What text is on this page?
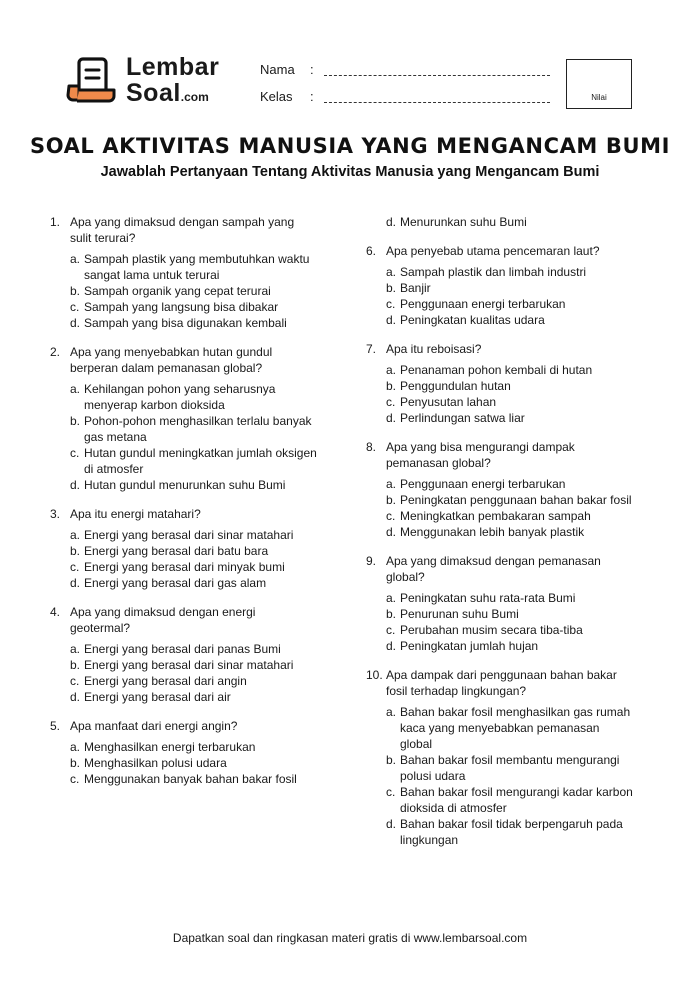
Lembar
Soal.com
Nama :
Kelas :	Nilai
SOAL AKTIVITAS MANUSIA YANG MENGANCAM BUMI
Jawablah Pertanyaan Tentang Aktivitas Manusia yang Mengancam Bumi
1. Apa yang dimaksud dengan sampah yang sulit terurai?
a. Sampah plastik yang membutuhkan waktu sangat lama untuk terurai
b. Sampah organik yang cepat terurai
c. Sampah yang langsung bisa dibakar
d. Sampah yang bisa digunakan kembali
2. Apa yang menyebabkan hutan gundul berperan dalam pemanasan global?
a. Kehilangan pohon yang seharusnya menyerap karbon dioksida
b. Pohon-pohon menghasilkan terlalu banyak gas metana
c. Hutan gundul meningkatkan jumlah oksigen di atmosfer
d. Hutan gundul menurunkan suhu Bumi
3. Apa itu energi matahari?
a. Energi yang berasal dari sinar matahari
b. Energi yang berasal dari batu bara
c. Energi yang berasal dari minyak bumi
d. Energi yang berasal dari gas alam
4. Apa yang dimaksud dengan energi geotermal?
a. Energi yang berasal dari panas Bumi
b. Energi yang berasal dari sinar matahari
c. Energi yang berasal dari angin
d. Energi yang berasal dari air
5. Apa manfaat dari energi angin?
a. Menghasilkan energi terbarukan
b. Menghasilkan polusi udara
c. Menggunakan banyak bahan bakar fosil
d. Menurunkan suhu Bumi
6. Apa penyebab utama pencemaran laut?
a. Sampah plastik dan limbah industri
b. Banjir
c. Penggunaan energi terbarukan
d. Peningkatan kualitas udara
7. Apa itu reboisasi?
a. Penanaman pohon kembali di hutan
b. Penggundulan hutan
c. Penyusutan lahan
d. Perlindungan satwa liar
8. Apa yang bisa mengurangi dampak pemanasan global?
a. Penggunaan energi terbarukan
b. Peningkatan penggunaan bahan bakar fosil
c. Meningkatkan pembakaran sampah
d. Menggunakan lebih banyak plastik
9. Apa yang dimaksud dengan pemanasan global?
a. Peningkatan suhu rata-rata Bumi
b. Penurunan suhu Bumi
c. Perubahan musim secara tiba-tiba
d. Peningkatan jumlah hujan
10. Apa dampak dari penggunaan bahan bakar fosil terhadap lingkungan?
a. Bahan bakar fosil menghasilkan gas rumah kaca yang menyebabkan pemanasan global
b. Bahan bakar fosil membantu mengurangi polusi udara
c. Bahan bakar fosil mengurangi kadar karbon dioksida di atmosfer
d. Bahan bakar fosil tidak berpengaruh pada lingkungan
Dapatkan soal dan ringkasan materi gratis di www.lembarsoal.com
